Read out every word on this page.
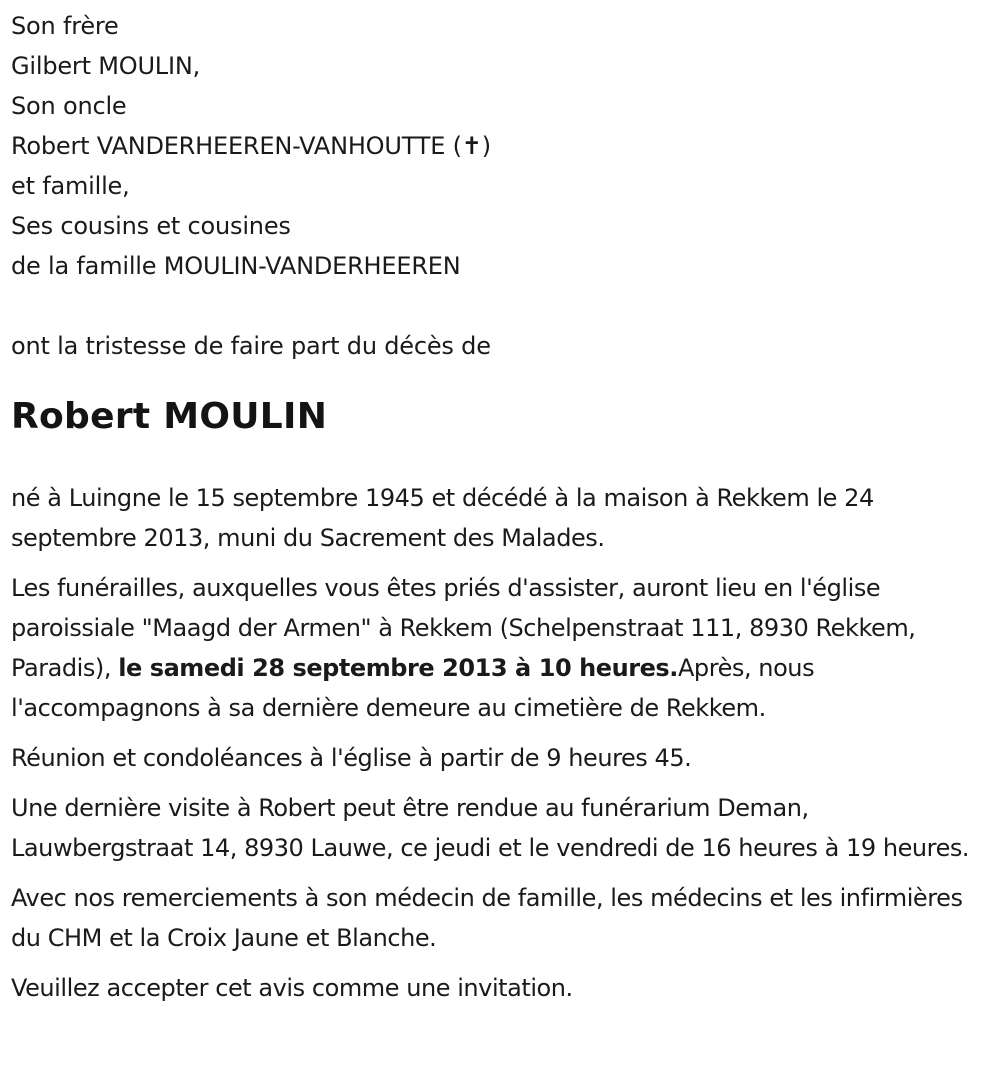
Son frère
Gilbert MOULIN,
Son oncle
Robert VANDERHEEREN-VANHOUTTE (✝)
et famille,
Ses cousins et cousines
de la famille MOULIN-VANDERHEEREN
ont la tristesse de faire part du décès de
Robert MOULIN
né à Luingne le 15 septembre 1945 et décédé à la maison à Rekkem le 24 septembre 2013, muni du Sacrement des Malades.
Les funérailles, auxquelles vous êtes priés d'assister, auront lieu en l'église paroissiale "Maagd der Armen" à Rekkem (Schelpenstraat 111, 8930 Rekkem, Paradis), le samedi 28 septembre 2013 à 10 heures.Après, nous l'accompagnons à sa dernière demeure au cimetière de Rekkem.
Réunion et condoléances à l'église à partir de 9 heures 45.
Une dernière visite à Robert peut être rendue au funérarium Deman, Lauwbergstraat 14, 8930 Lauwe, ce jeudi et le vendredi de 16 heures à 19 heures.
Avec nos remerciements à son médecin de famille, les médecins et les infirmières du CHM et la Croix Jaune et Blanche.
Veuillez accepter cet avis comme une invitation.
